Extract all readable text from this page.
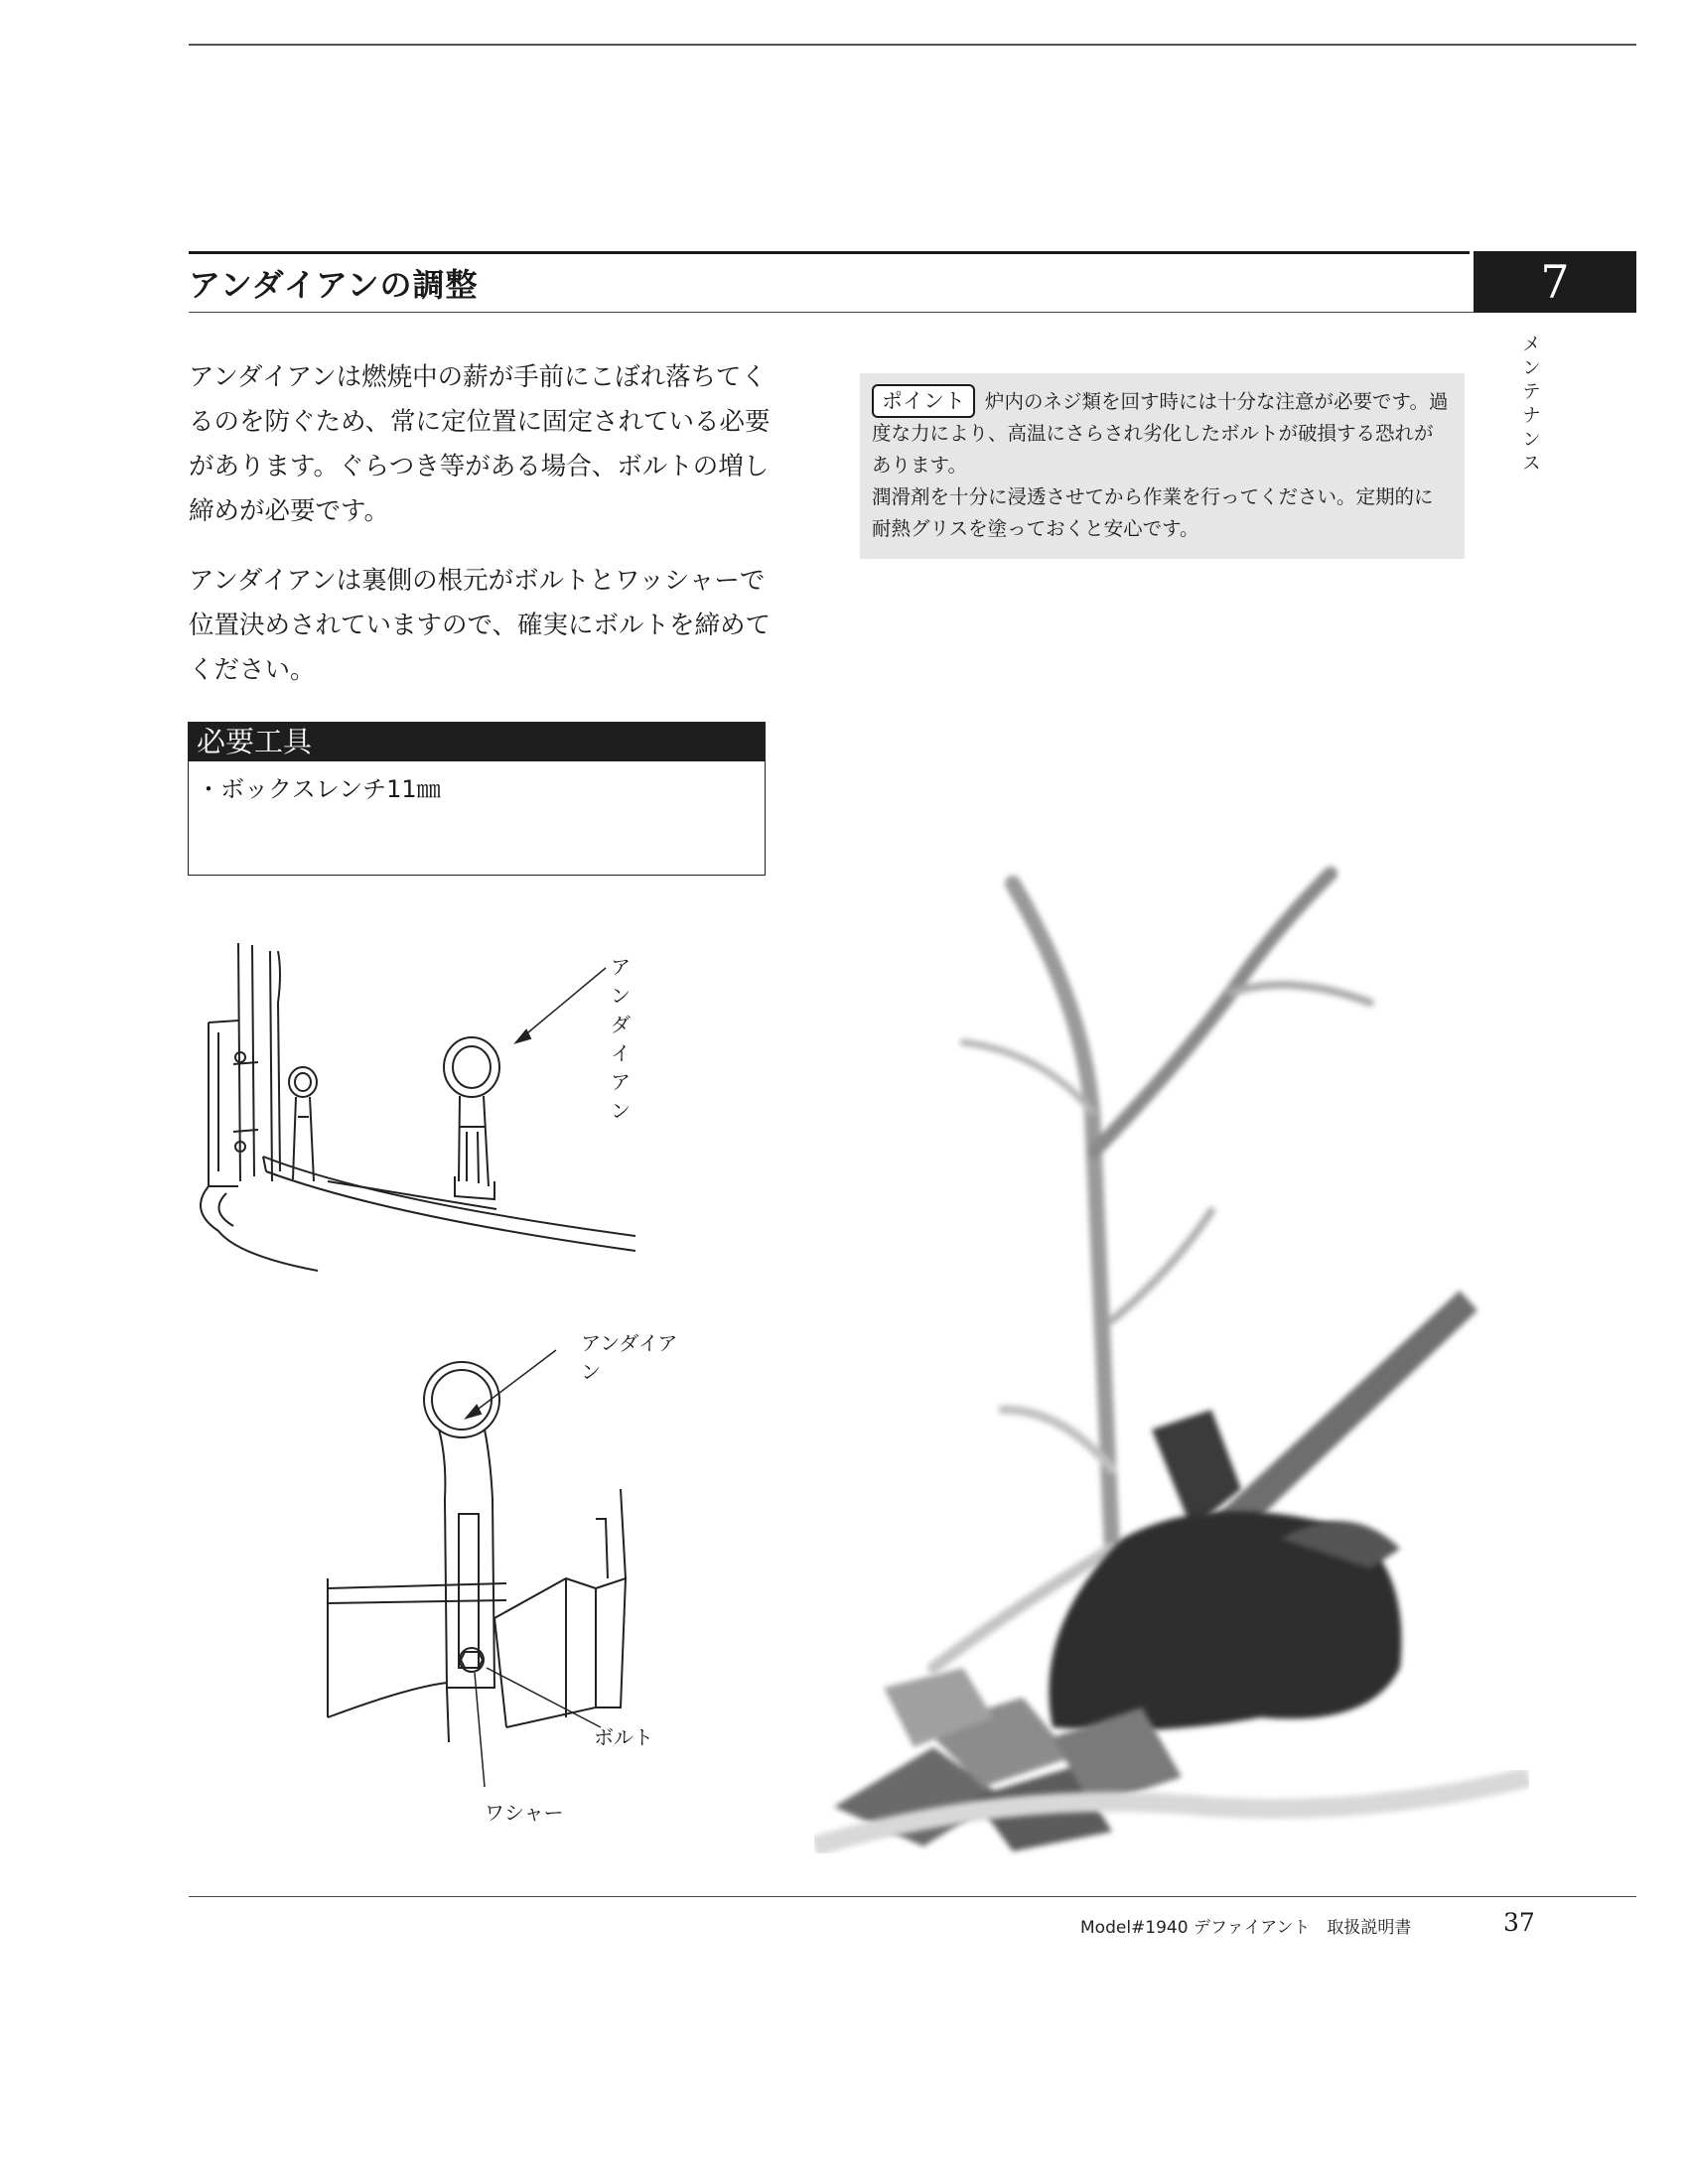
アンダイアンの調整	7
メンテナンス

アンダイアンは燃焼中の薪が手前にこぼれ落ちてくるのを防ぐため、常に定位置に固定されている必要があります。ぐらつき等がある場合、ボルトの増し締めが必要です。

アンダイアンは裏側の根元がボルトとワッシャーで位置決めされていますので、確実にボルトを締めてください。

必要工具
・ボックスレンチ11㎜

ポイント 炉内のネジ類を回す時には十分な注意が必要です。過度な力により、高温にさらされ劣化したボルトが破損する恐れがあります。

潤滑剤を十分に浸透させてから作業を行ってください。定期的に耐熱グリスを塗っておくと安心です。

アンダイアン
アンダイアン
ボルト
ワシャー
Model#1940 デファイアント　取扱説明書	37
